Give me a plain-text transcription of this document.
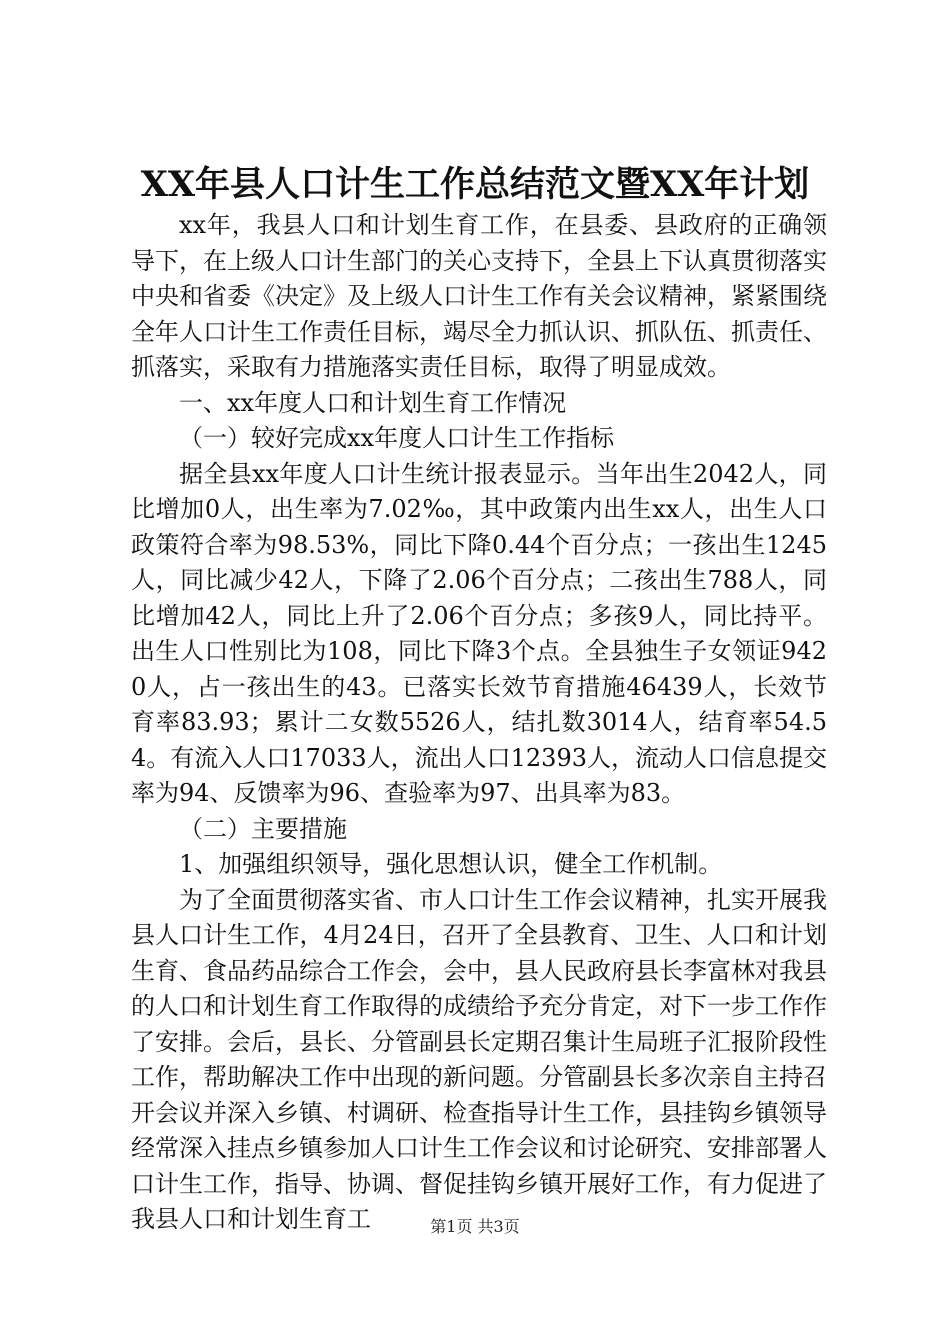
XX年县人口计生工作总结范文暨XX年计划

xx年，我县人口和计划生育工作，在县委、县政府的正确领导下，在上级人口计生部门的关心支持下，全县上下认真贯彻落实中央和省委《决定》及上级人口计生工作有关会议精神，紧紧围绕全年人口计生工作责任目标，竭尽全力抓认识、抓队伍、抓责任、抓落实，采取有力措施落实责任目标，取得了明显成效。

一、xx年度人口和计划生育工作情况

（一）较好完成xx年度人口计生工作指标

据全县xx年度人口计生统计报表显示。当年出生2042人，同比增加0人，出生率为7.02‰，其中政策内出生xx人，出生人口政策符合率为98.53%，同比下降0.44个百分点；一孩出生1245人，同比减少42人，下降了2.06个百分点；二孩出生788人，同比增加42人，同比上升了2.06个百分点；多孩9人，同比持平。出生人口性别比为108，同比下降3个点。全县独生子女领证9420人，占一孩出生的43。已落实长效节育措施46439人，长效节育率83.93；累计二女数5526人，结扎数3014人，结育率54.54。有流入人口17033人，流出人口12393人，流动人口信息提交率为94、反馈率为96、查验率为97、出具率为83。

（二）主要措施

1、加强组织领导，强化思想认识，健全工作机制。

为了全面贯彻落实省、市人口计生工作会议精神，扎实开展我县人口计生工作，4月24日，召开了全县教育、卫生、人口和计划生育、食品药品综合工作会，会中，县人民政府县长李富林对我县的人口和计划生育工作取得的成绩给予充分肯定，对下一步工作作了安排。会后，县长、分管副县长定期召集计生局班子汇报阶段性工作，帮助解决工作中出现的新问题。分管副县长多次亲自主持召开会议并深入乡镇、村调研、检查指导计生工作，县挂钩乡镇领导经常深入挂点乡镇参加人口计生工作会议和讨论研究、安排部署人口计生工作，指导、协调、督促挂钩乡镇开展好工作，有力促进了我县人口和计划生育工	第1页 共3页
